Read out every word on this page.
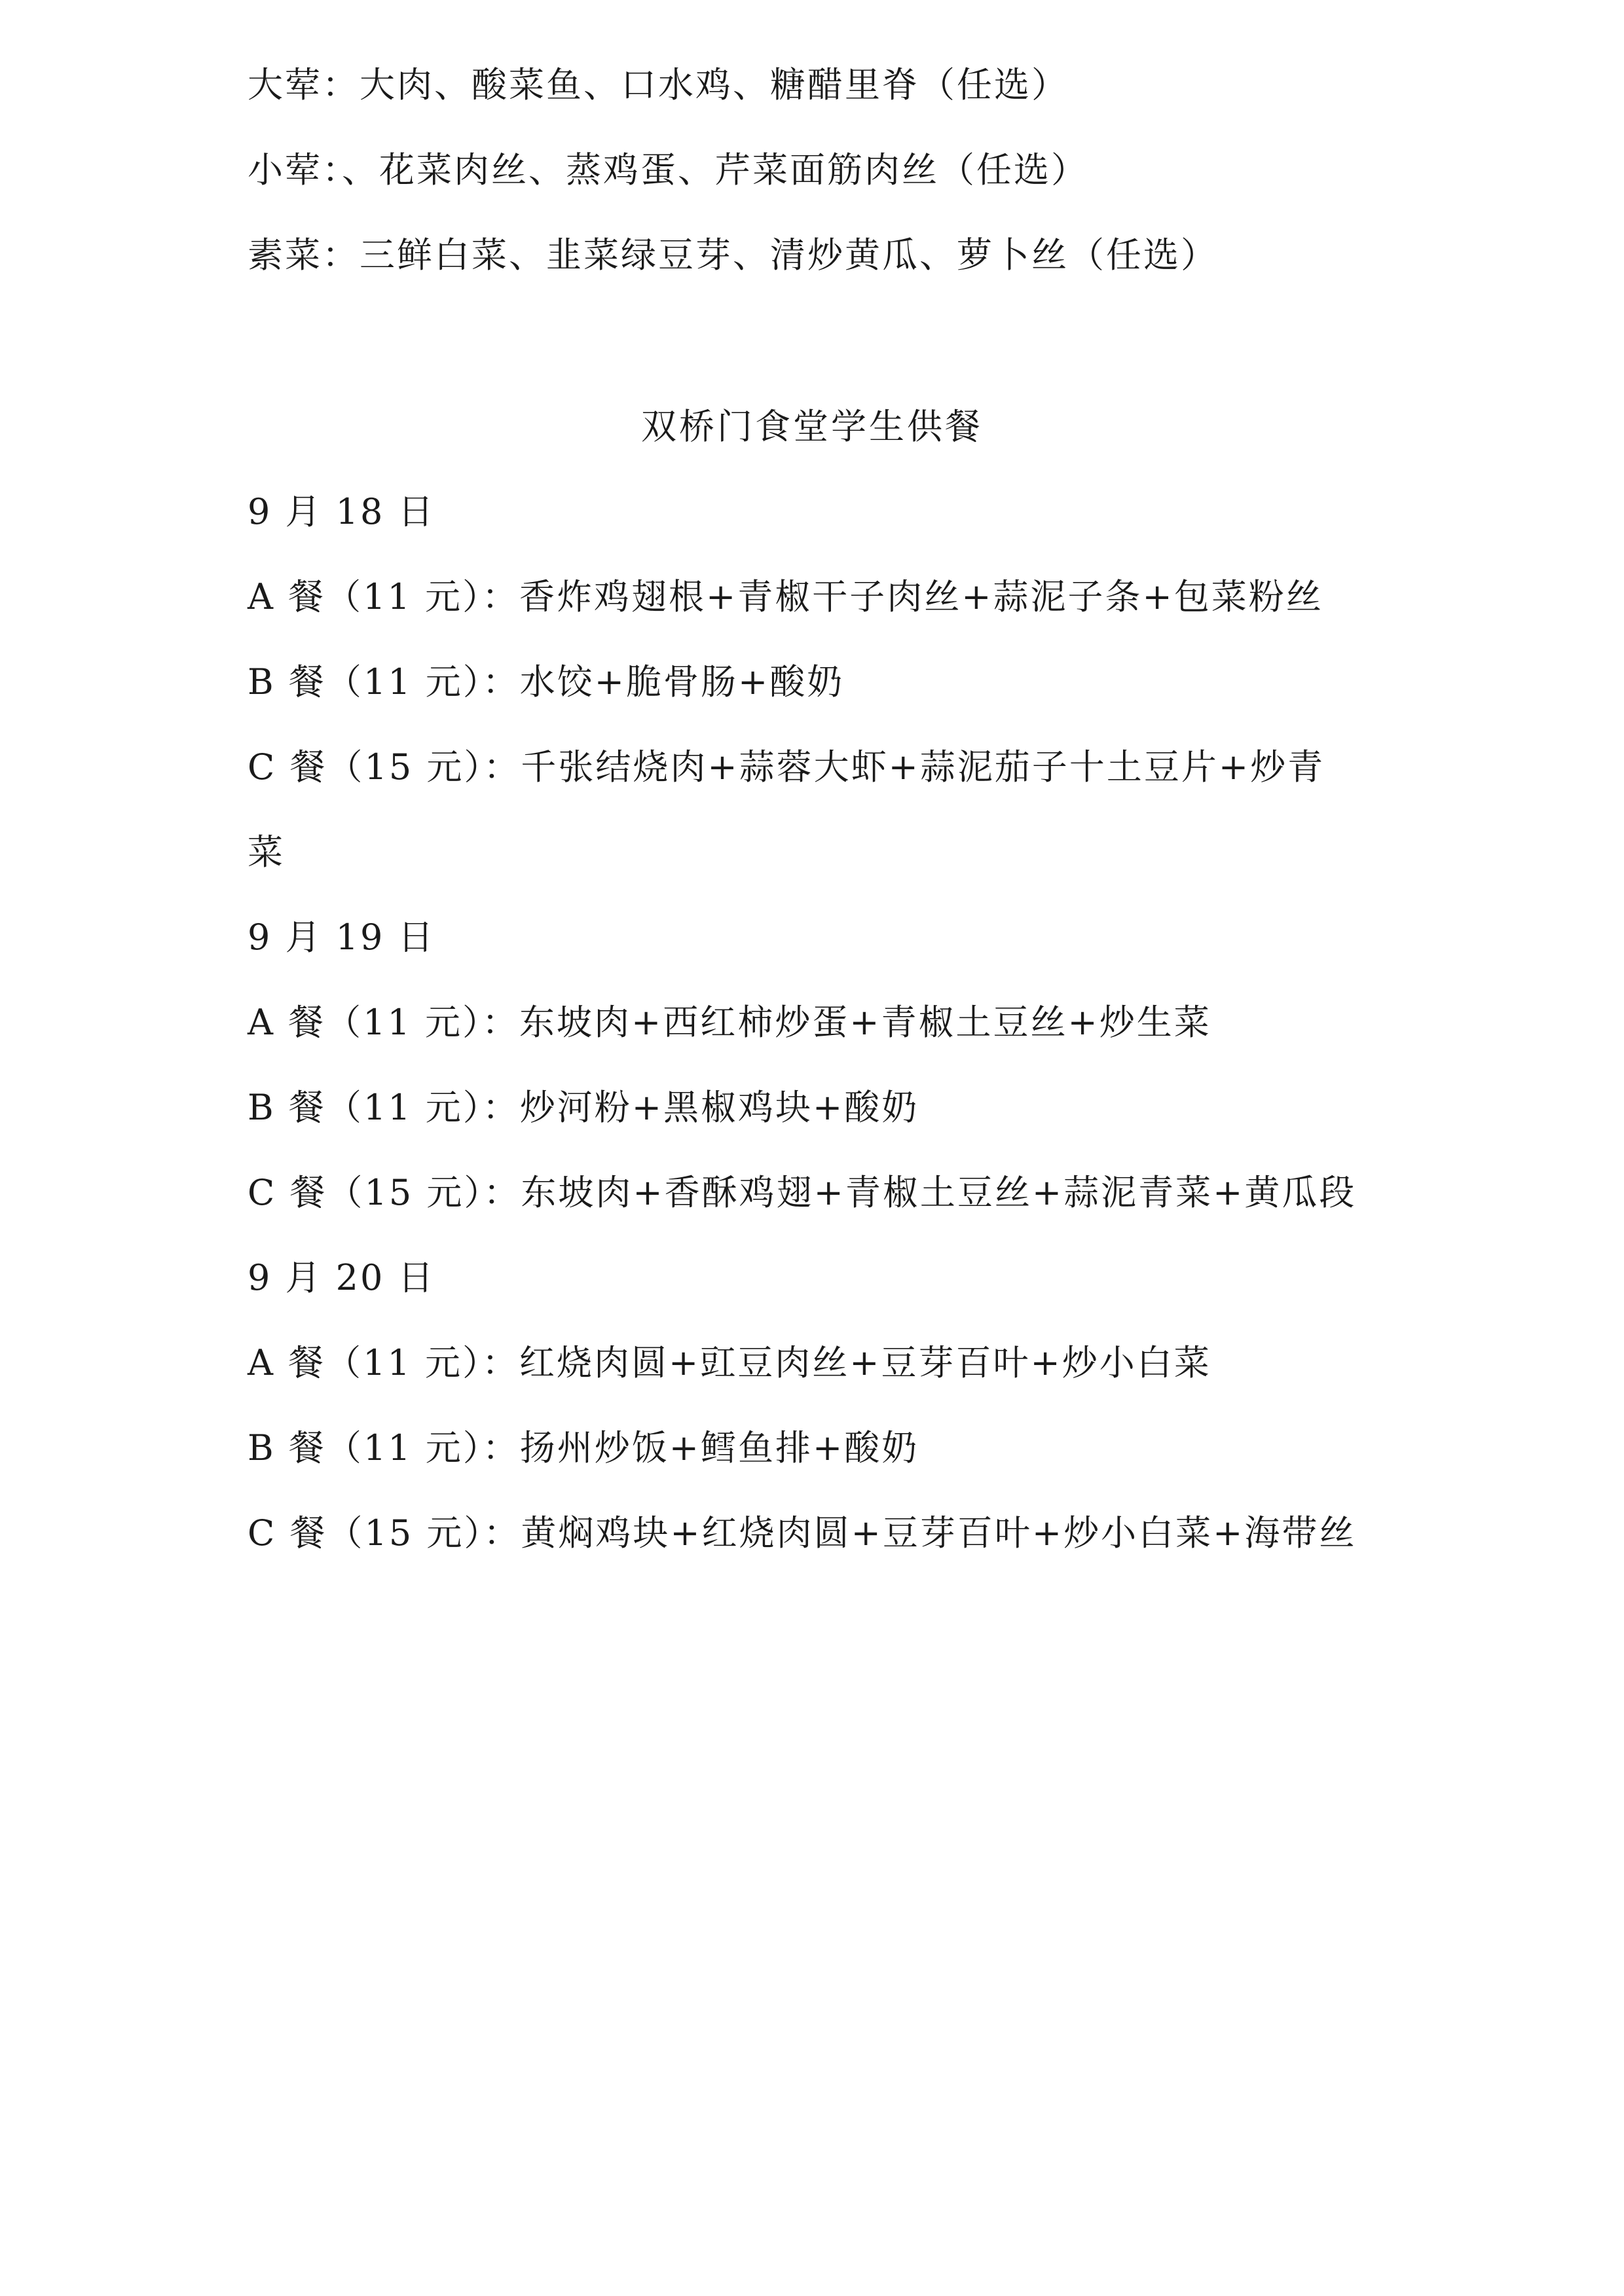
大荤：大肉、酸菜鱼、口水鸡、糖醋里脊（任选）
小荤：、花菜肉丝、蒸鸡蛋、芹菜面筋肉丝（任选）
素菜：三鲜白菜、韭菜绿豆芽、清炒黄瓜、萝卜丝（任选）
双桥门食堂学生供餐
9 月 18 日
A 餐（11 元）：香炸鸡翅根+青椒干子肉丝+蒜泥子条+包菜粉丝
B 餐（11 元）：水饺+脆骨肠+酸奶
C 餐（15 元）：千张结烧肉+蒜蓉大虾+蒜泥茄子十土豆片+炒青
菜
9 月 19 日
A 餐（11 元）：东坡肉+西红柿炒蛋+青椒土豆丝+炒生菜
B 餐（11 元）：炒河粉+黑椒鸡块+酸奶
C 餐（15 元）：东坡肉+香酥鸡翅+青椒土豆丝+蒜泥青菜+黄瓜段
9 月 20 日
A 餐（11 元）：红烧肉圆+豇豆肉丝+豆芽百叶+炒小白菜
B 餐（11 元）：扬州炒饭+鳕鱼排+酸奶
C 餐（15 元）：黄焖鸡块+红烧肉圆+豆芽百叶+炒小白菜+海带丝
